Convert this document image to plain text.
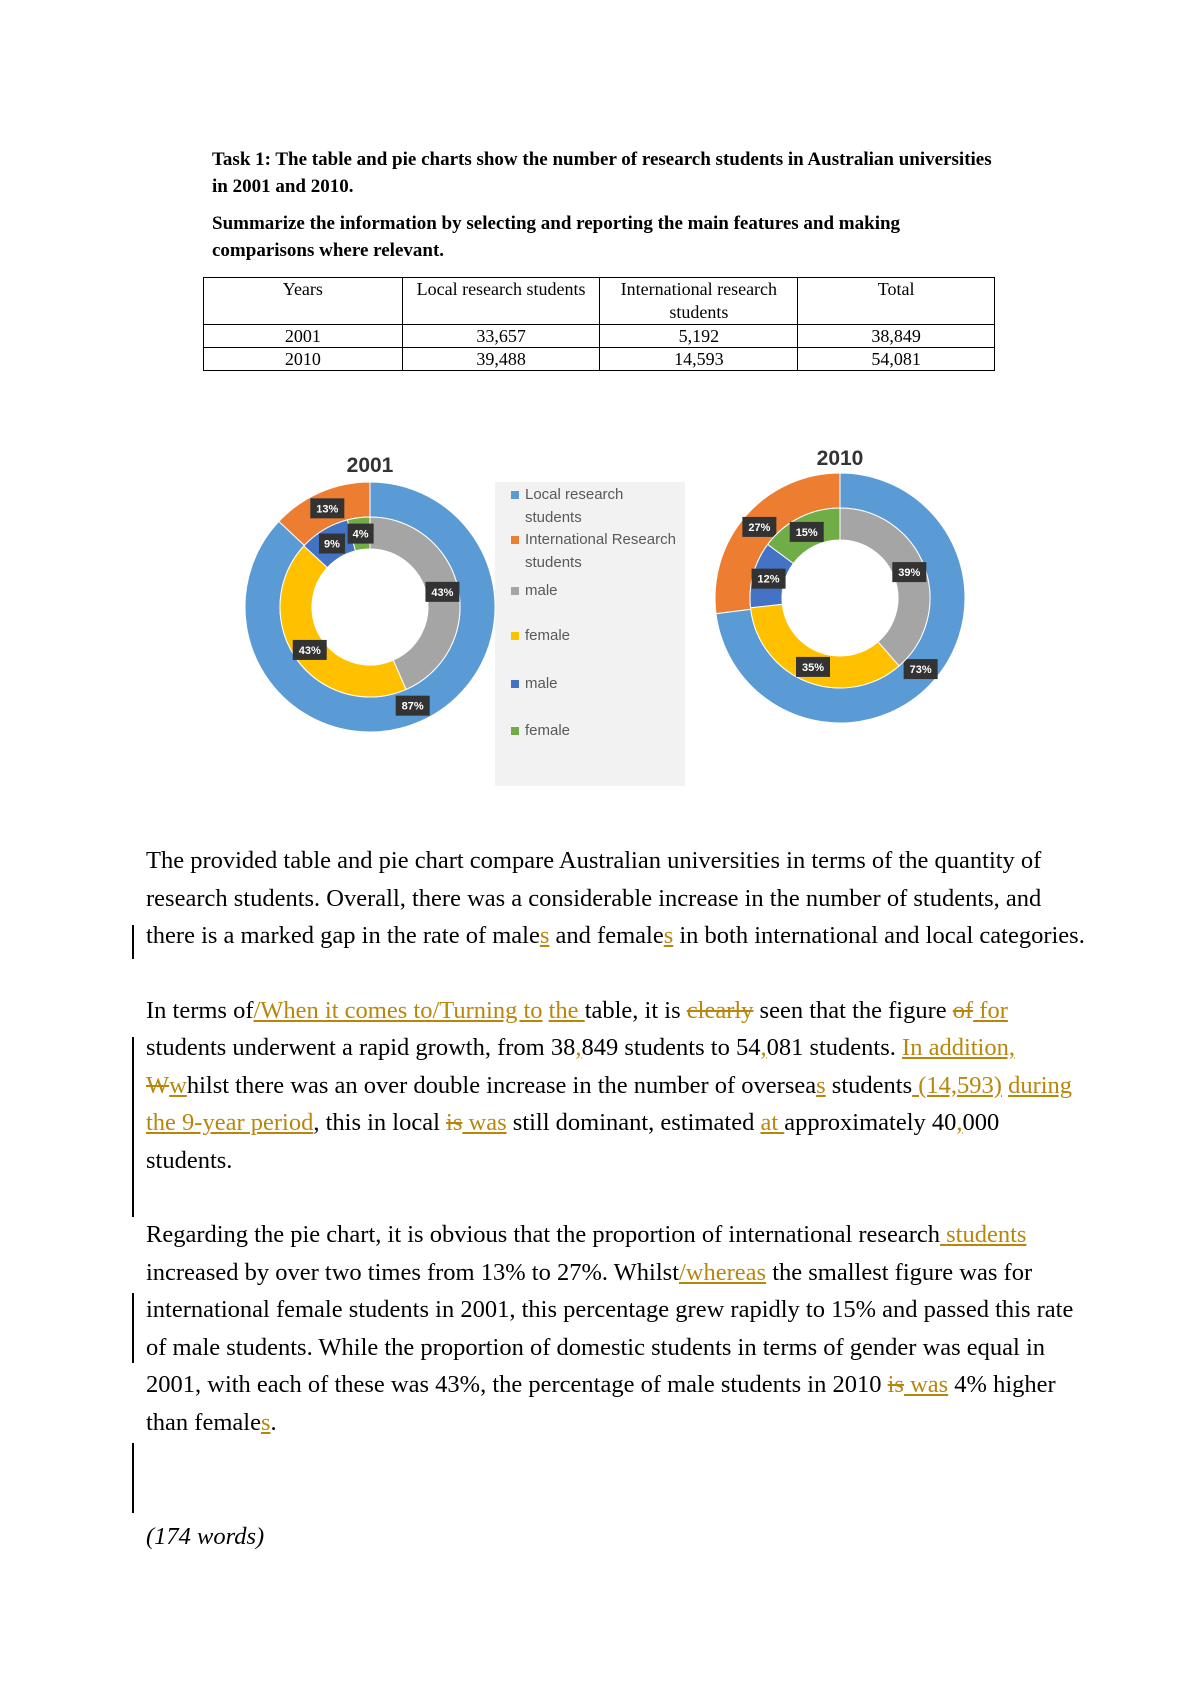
Task 1: The table and pie charts show the number of research students in Australian universities in 2001 and 2010.

Summarize the information by selecting and reporting the main features and making comparisons where relevant.

Years	Local research students	International research students	Total
2001	33,657	5,192	38,849
2010	39,488	14,593	54,081
Local research students
International Research students
male
female
male
female
2001	2010
87%
13%
43%
43%
9%
4%
73%
27%
39%
35%
12%
15%

The provided table and pie chart compare Australian universities in terms of the quantity of research students. Overall, there was a considerable increase in the number of students, and there is a marked gap in the rate of males and females in both international and local categories.

In terms of/When it comes to/Turning to the table, it is clearly seen that the figure of for students underwent a rapid growth, from 38,849 students to 54,081 students. In addition, Wwhilst there was an over double increase in the number of overseas students (14,593) during the 9-year period, this in local is was still dominant, estimated at approximately 40,000 students.

Regarding the pie chart, it is obvious that the proportion of international research students increased by over two times from 13% to 27%. Whilst/whereas the smallest figure was for international female students in 2001, this percentage grew rapidly to 15% and passed this rate of male students. While the proportion of domestic students in terms of gender was equal in 2001, with each of these was 43%, the percentage of male students in 2010 is was 4% higher than females.

(174 words)
